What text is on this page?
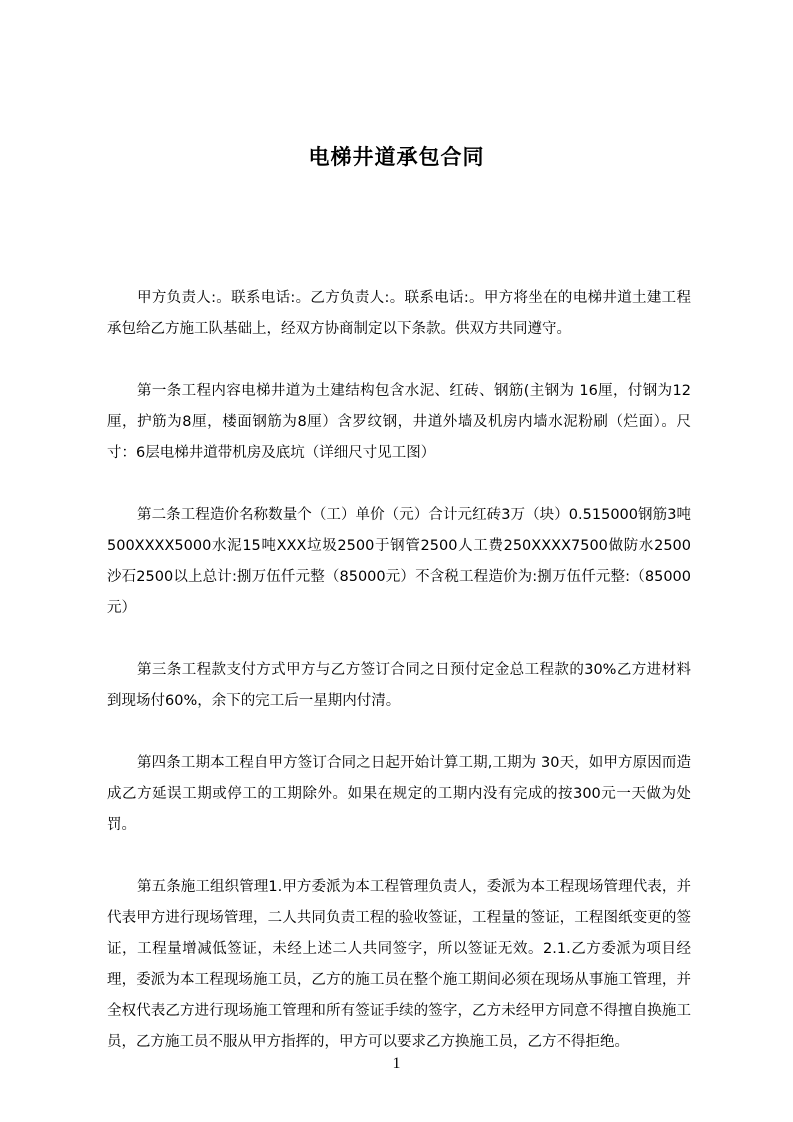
电梯井道承包合同

甲方负责人:。联系电话:。乙方负责人:。联系电话:。甲方将坐在的电梯井道土建工程承包给乙方施工队基础上，经双方协商制定以下条款。供双方共同遵守。

第一条工程内容电梯井道为土建结构包含水泥、红砖、钢筋(主钢为 16厘，付钢为12厘，护筋为8厘，楼面钢筋为8厘）含罗纹钢，井道外墙及机房内墙水泥粉刷（烂面）。尺寸：6层电梯井道带机房及底坑（详细尺寸见工图）

第二条工程造价名称数量个（工）单价（元）合计元红砖3万（块）0.515000钢筋3吨500XXXX5000水泥15吨XXX垃圾2500于钢管2500人工费250XXXX7500做防水2500沙石2500以上总计:捌万伍仟元整（85000元）不含税工程造价为:捌万伍仟元整:（85000元）

第三条工程款支付方式甲方与乙方签订合同之日预付定金总工程款的30%乙方进材料到现场付60%，余下的完工后一星期内付清。

第四条工期本工程自甲方签订合同之日起开始计算工期,工期为 30天，如甲方原因而造成乙方延误工期或停工的工期除外。如果在规定的工期内没有完成的按300元一天做为处罚。

第五条施工组织管理1.甲方委派为本工程管理负责人，委派为本工程现场管理代表，并代表甲方进行现场管理，二人共同负责工程的验收签证，工程量的签证，工程图纸变更的签证，工程量增减低签证，未经上述二人共同签字，所以签证无效。2.1.乙方委派为项目经理，委派为本工程现场施工员，乙方的施工员在整个施工期间必须在现场从事施工管理，并全权代表乙方进行现场施工管理和所有签证手续的签字，乙方未经甲方同意不得擅自换施工员，乙方施工员不服从甲方指挥的，甲方可以要求乙方换施工员，乙方不得拒绝。

1
